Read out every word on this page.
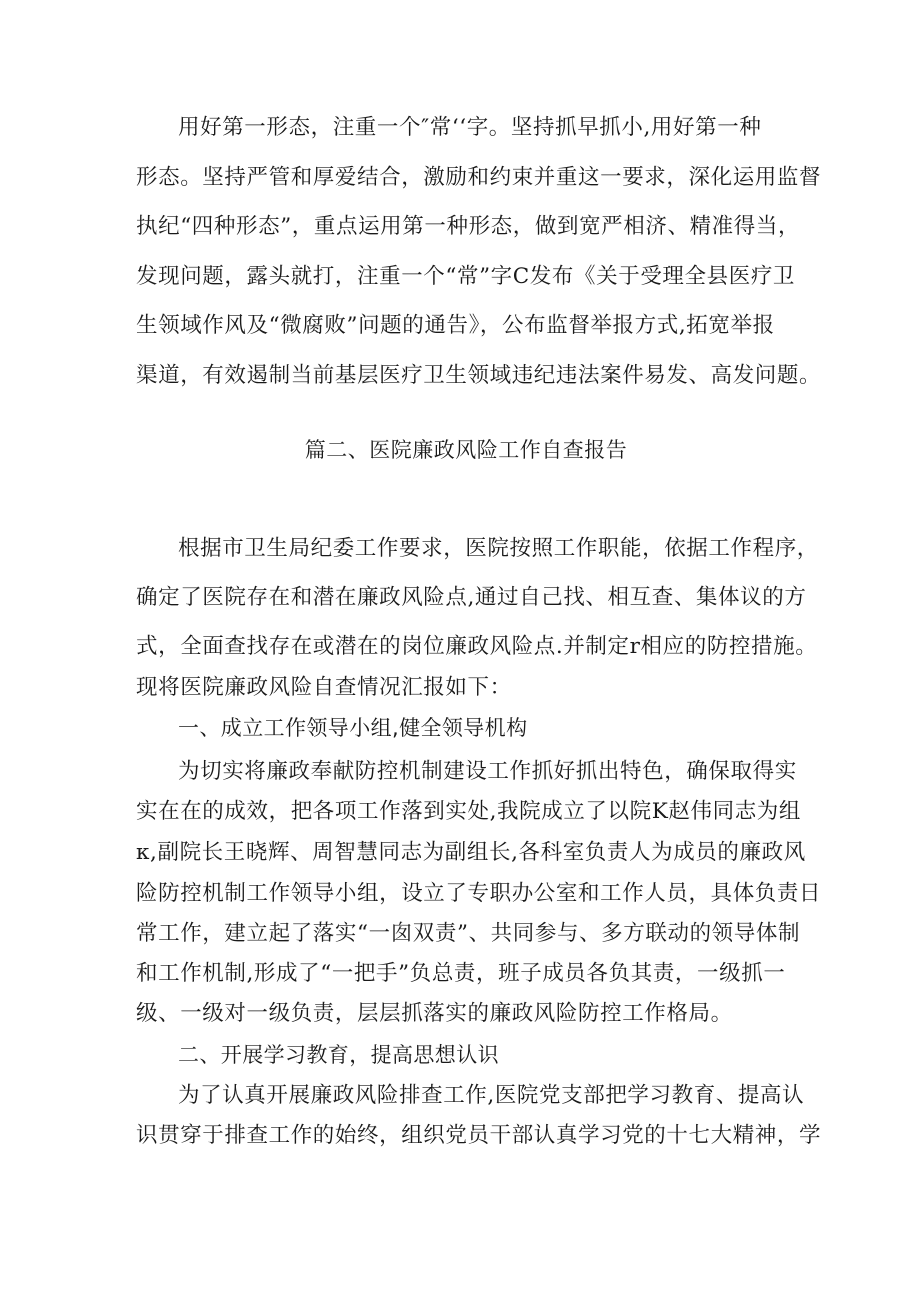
用好第一形态，注重一个″常‘‘字。坚持抓早抓小,用好第一种
形态。坚持严管和厚爱结合，激励和约束并重这一要求，深化运用监督
执纪“四种形态”，重点运用第一种形态，做到宽严相济、精准得当，
发现问题，露头就打，注重一个“常”字C发布《关于受理全县医疗卫
生领域作风及“微腐败”问题的通告》，公布监督举报方式,拓宽举报
渠道，有效遏制当前基层医疗卫生领域违纪违法案件易发、高发问题。
篇二、医院廉政风险工作自查报告
根据市卫生局纪委工作要求，医院按照工作职能，依据工作程序，
确定了医院存在和潜在廉政风险点,通过自己找、相互查、集体议的方
式，全面查找存在或潜在的岗位廉政风险点.并制定r相应的防控措施。
现将医院廉政风险自查情况汇报如下：
一、成立工作领导小组,健全领导机构
为切实将廉政奉献防控机制建设工作抓好抓出特色，确保取得实
实在在的成效，把各项工作落到实处,我院成立了以院K赵伟同志为组
κ,副院长王晓辉、周智慧同志为副组长,各科室负责人为成员的廉政风
险防控机制工作领导小组，设立了专职办公室和工作人员，具体负责日
常工作，建立起了落实“一囱双责”、共同参与、多方联动的领导体制
和工作机制,形成了“一把手”负总责，班子成员各负其责，一级抓一
级、一级对一级负责，层层抓落实的廉政风险防控工作格局。
二、开展学习教育，提高思想认识
为了认真开展廉政风险排查工作,医院党支部把学习教育、提高认
识贯穿于排查工作的始终，组织党员干部认真学习党的十七大精神，学
